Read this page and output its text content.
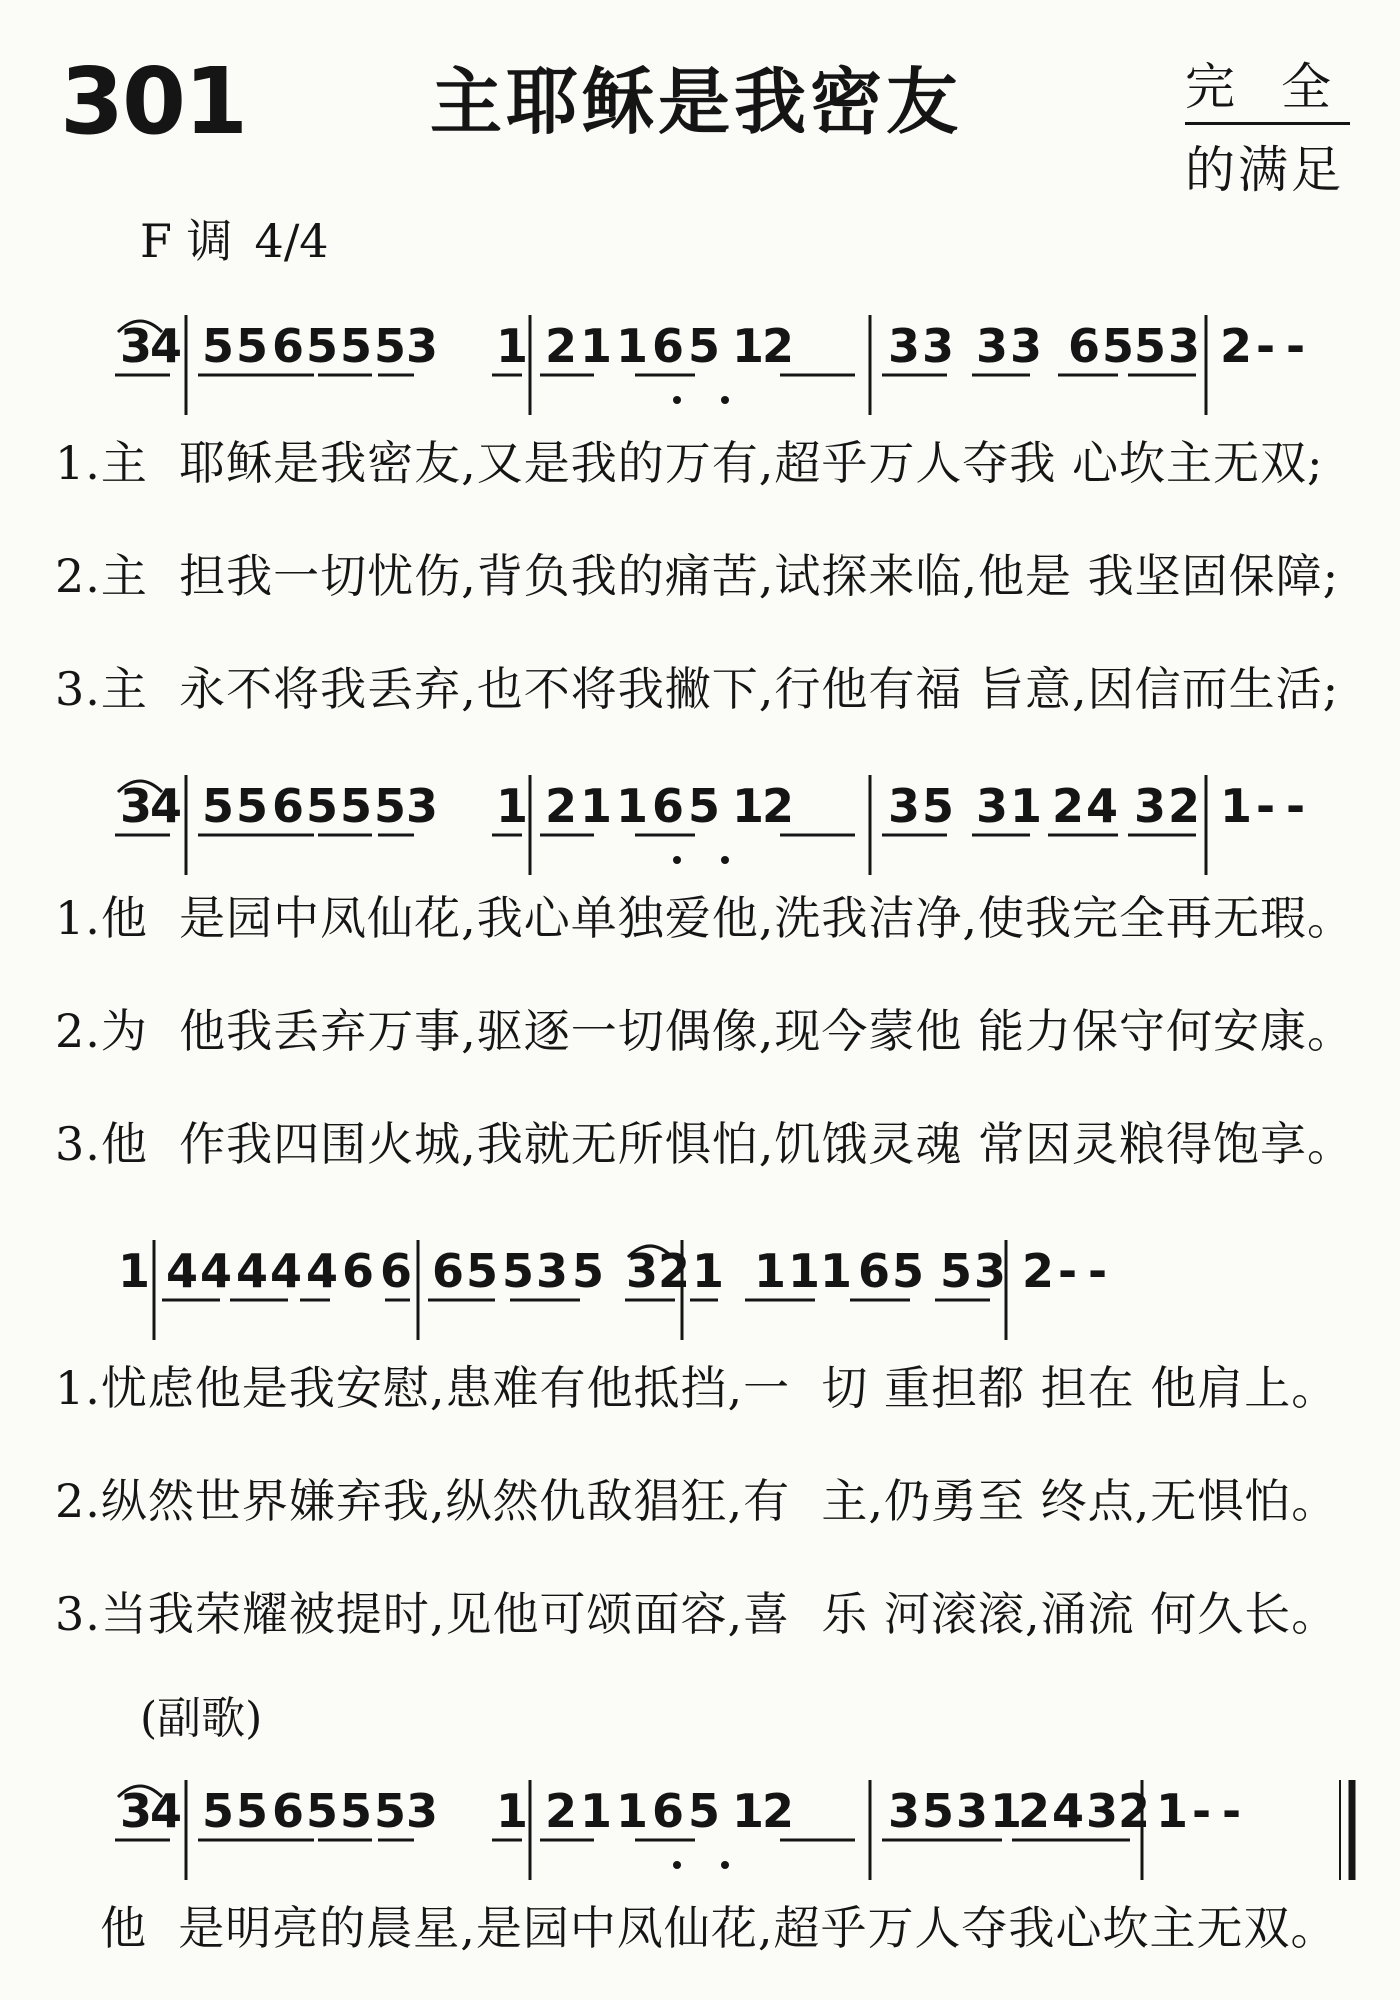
301	主耶稣是我密友	完全
的满足
F 调 4/4
3
4 5 5 6 5 5 5 3 1 2 1 1 6 5 1
2 3 3 3 3 6 5 5 3 2 - -
1.主  耶稣是我密友,又是我的万有,超乎万人夺我 心坎主无双;
2.主  担我一切忧伤,背负我的痛苦,试探来临,他是 我坚固保障;
3.主  永不将我丢弃,也不将我撇下,行他有福 旨意,因信而生活;
3
4 5 5 6 5 5 5 3 1 2 1 1 6 5 1
2 3 5 3 1 2 4 3 2 1 - -
1.他  是园中凤仙花,我心单独爱他,洗我洁净,使我完全再无瑕。
2.为  他我丢弃万事,驱逐一切偶像,现今蒙他 能力保守何安康。
3.他  作我四围火城,我就无所惧怕,饥饿灵魂 常因灵粮得饱享。
1 4 4 4 4 4 6 6 6 5 5 3 5 3 2 1 1 1 1 6 5 5 3 2 - -
1.忧虑他是我安慰,患难有他抵挡,一  切 重担都 担在 他肩上。
2.纵然世界嫌弃我,纵然仇敌猖狂,有  主,仍勇至 终点,无惧怕。
3.当我荣耀被提时,见他可颂面容,喜  乐 河滚滚,涌流 何久长。
(副歌)
3
4 5 5 6 5 5 5 3 1 2 1 1 6 5 1
2 3 5 3 1
2 4 3 2 1 - -
他  是明亮的晨星,是园中凤仙花,超乎万人夺我心坎主无双。
